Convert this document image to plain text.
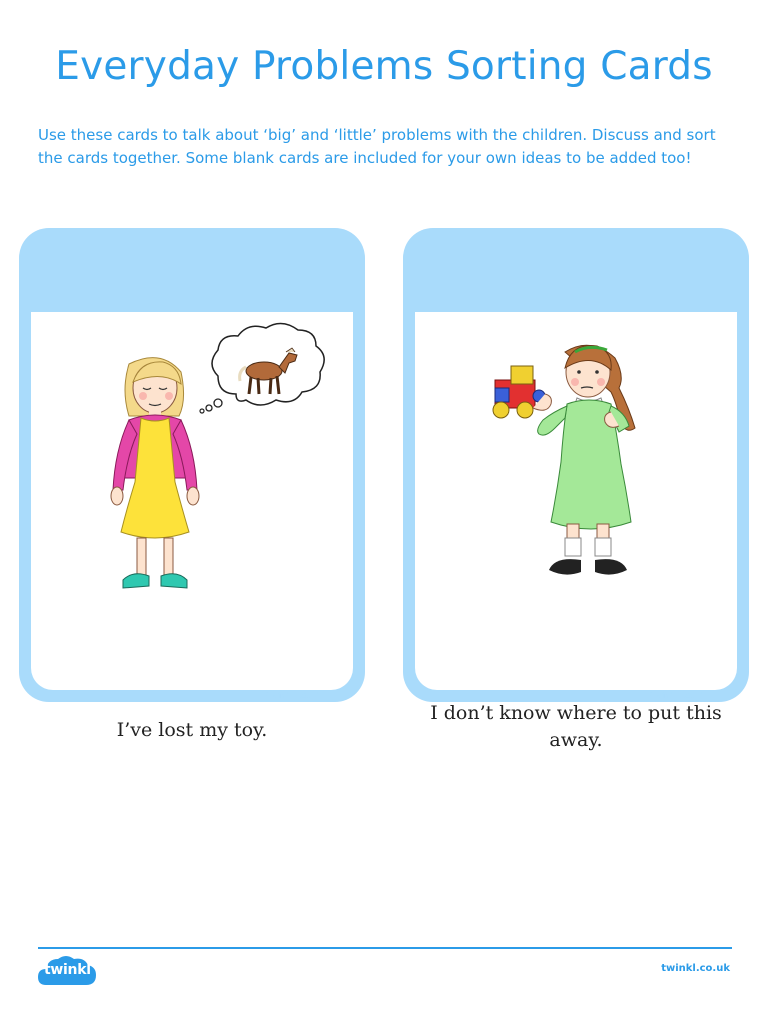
Everyday Problems Sorting Cards

Use these cards to talk about ‘big’ and ‘little’ problems with the children. Discuss and sort the cards together. Some blank cards are included for your own ideas to be added too!

I’ve lost my toy.
twinkl.co.uk
I don’t know where to put this away.
twinkl.co.uk
twinkl	twinkl.co.uk
